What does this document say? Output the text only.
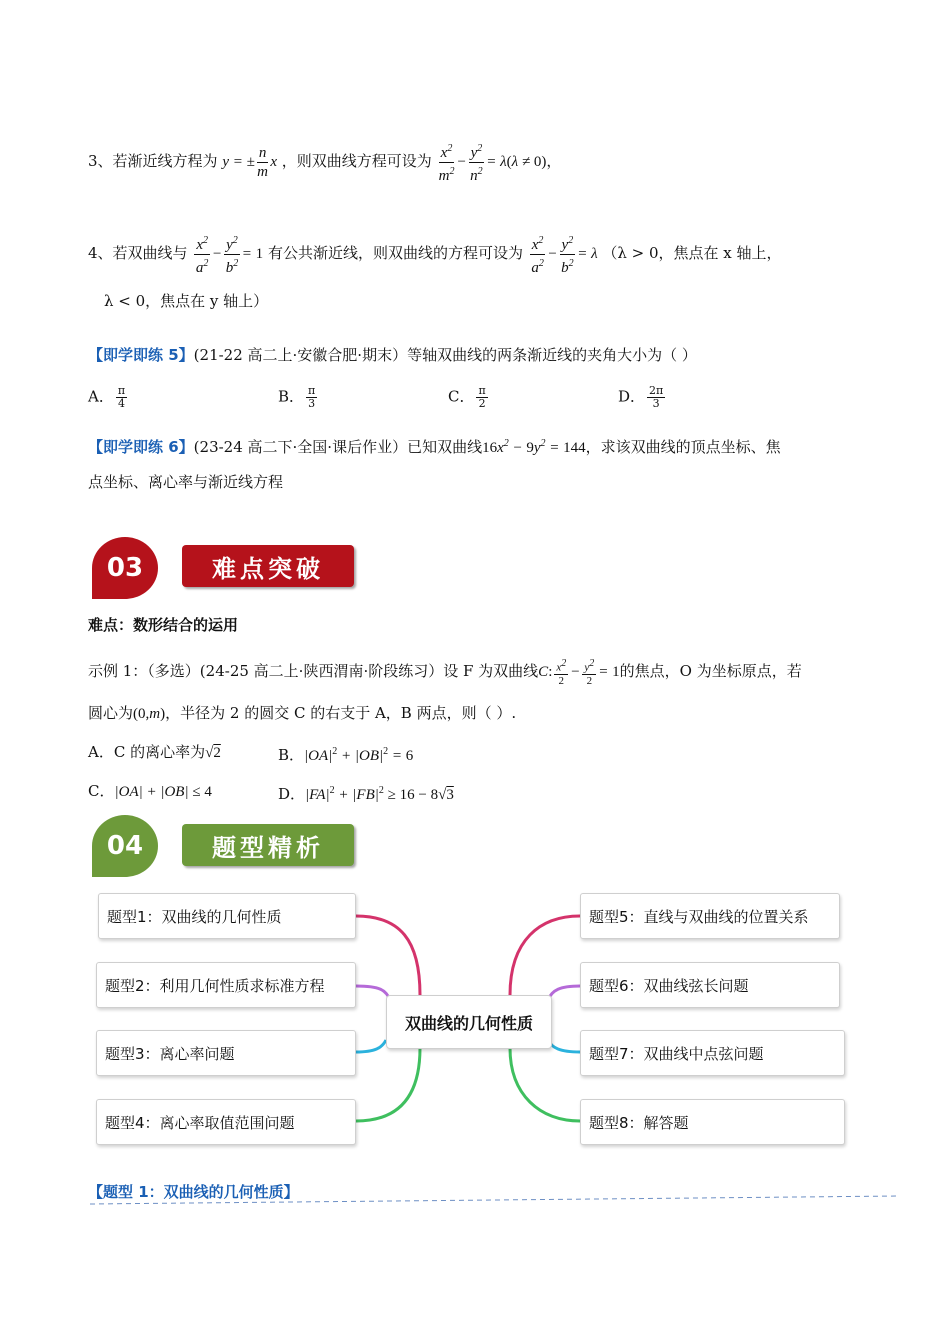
3、若渐近线方程为 y = ± $\frac{n}{m}$ x ，则双曲线方程可设为 $\frac{x^2}{m^2} - \frac{y^2}{n^2} = \lambda(\lambda \ne 0)$，
4、若双曲线与 $\frac{x^2}{a^2} - \frac{y^2}{b^2} = 1$ 有公共渐近线，则双曲线的方程可设为 $\frac{x^2}{a^2} - \frac{y^2}{b^2} = \lambda$ （λ > 0，焦点在 x 轴上，
λ < 0，焦点在 y 轴上）
【即学即练 5】(21-22 高二上·安徽合肥·期末）等轴双曲线的两条渐近线的夹角大小为（ ）
A． $\frac{\pi}{4}$	B． $\frac{\pi}{3}$	C． $\frac{\pi}{2}$	D． $\frac{2\pi}{3}$
【即学即练 6】(23-24 高二下·全国·课后作业）已知双曲线$16x^2 - 9y^2 = 144$，求该双曲线的顶点坐标、焦
点坐标、离心率与渐近线方程
03	难点突破
难点：数形结合的运用
示例 1：（多选）(24-25 高二上·陕西渭南·阶段练习）设 F 为双曲线C: $\frac{x^2}{2} - \frac{y^2}{2} = 1$的焦点，O 为坐标原点，若
圆心为(0,m)，半径为 2 的圆交 C 的右支于 A，B 两点，则（ ）.
A．C 的离心率为√2	B．$|OA|^2 + |OB|^2 = 6$
C．|OA| + |OB| ≤ 4	D．$|FA|^2 + |FB|^2 \ge 16 - 8√3$
04	题型精析
双曲线的几何性质
题型1：双曲线的几何性质
题型2：利用几何性质求标准方程
题型3：离心率问题
题型4：离心率取值范围问题
题型5：直线与双曲线的位置关系
题型6：双曲线弦长问题
题型7：双曲线中点弦问题
题型8：解答题
【题型 1：双曲线的几何性质】
